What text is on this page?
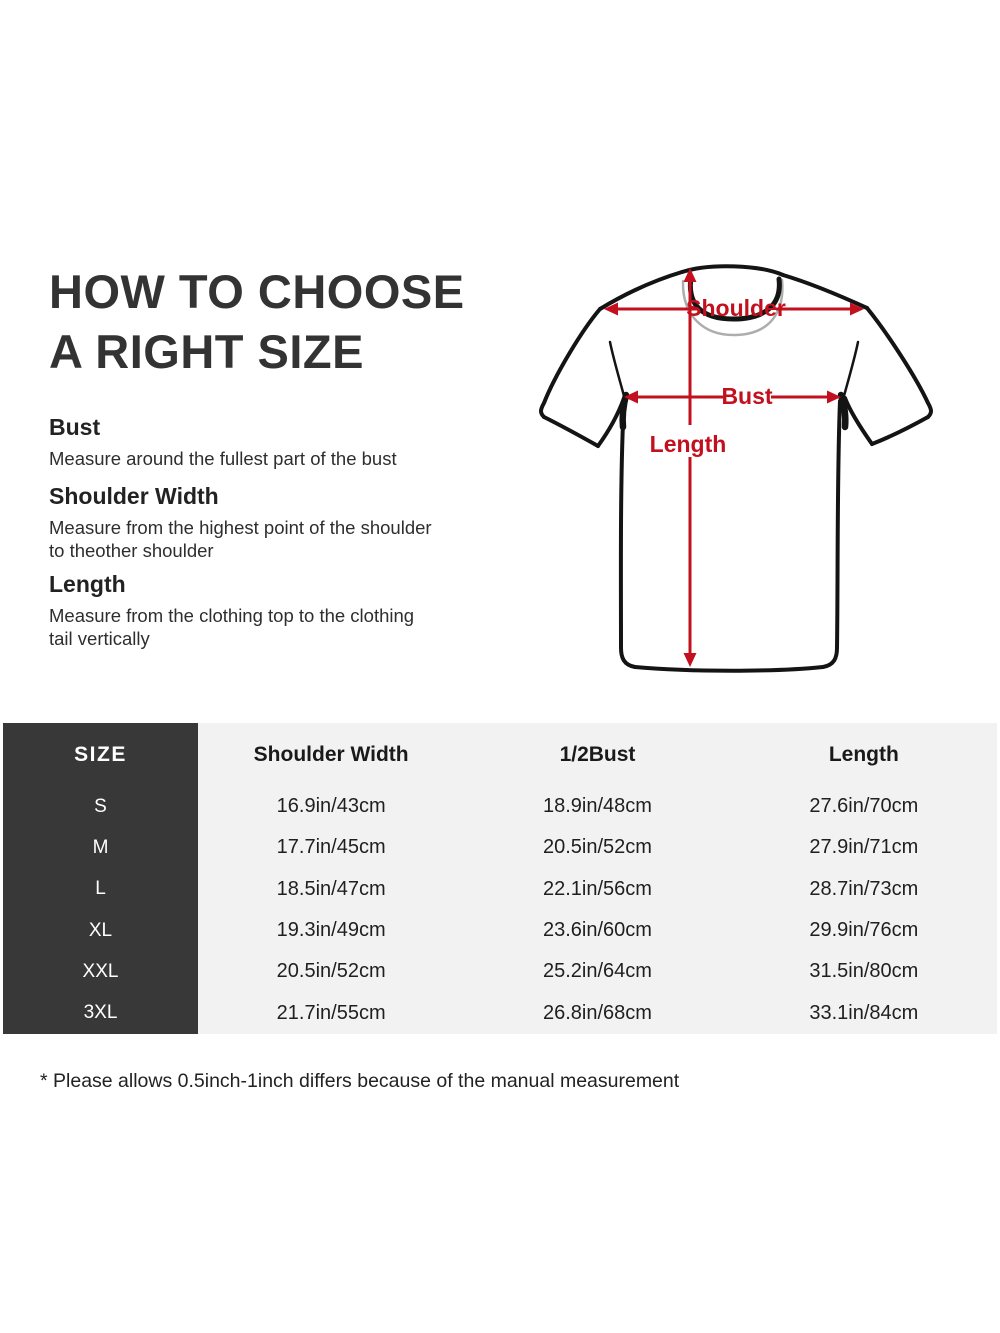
HOW TO CHOOSE
A RIGHT SIZE
Bust

Measure around the fullest part of the bust

Shoulder Width

Measure from the highest point of the shoulder to theother shoulder

Length

Measure from the clothing top to the clothing tail vertically

Shoulder
Bust
Length
SIZE	Shoulder Width	1/2Bust	Length
S	16.9in/43cm	18.9in/48cm	27.6in/70cm
M	17.7in/45cm	20.5in/52cm	27.9in/71cm
L	18.5in/47cm	22.1in/56cm	28.7in/73cm
XL	19.3in/49cm	23.6in/60cm	29.9in/76cm
XXL	20.5in/52cm	25.2in/64cm	31.5in/80cm
3XL	21.7in/55cm	26.8in/68cm	33.1in/84cm
* Please allows 0.5inch-1inch differs because of the manual measurement
